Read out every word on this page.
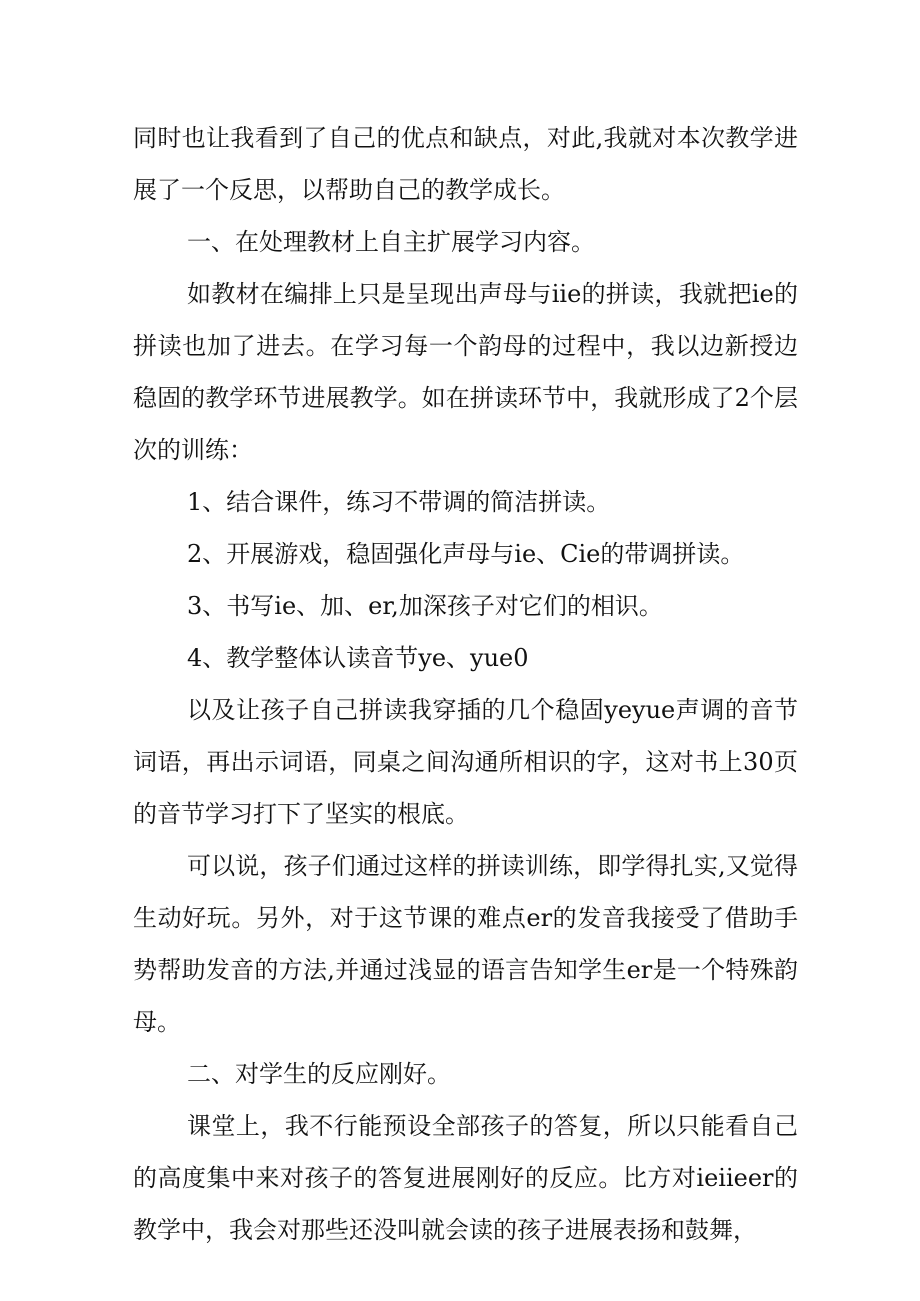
同时也让我看到了自己的优点和缺点，对此,我就对本次教学进展了一个反思，以帮助自己的教学成长。

一、在处理教材上自主扩展学习内容。

如教材在编排上只是呈现出声母与iie的拼读，我就把ie的拼读也加了进去。在学习每一个韵母的过程中，我以边新授边稳固的教学环节进展教学。如在拼读环节中，我就形成了2个层次的训练：

1、结合课件，练习不带调的简洁拼读。

2、开展游戏，稳固强化声母与ie、Cie的带调拼读。

3、书写ie、加、er,加深孩子对它们的相识。

4、教学整体认读音节ye、yue0

以及让孩子自己拼读我穿插的几个稳固yeyue声调的音节词语，再出示词语，同桌之间沟通所相识的字，这对书上30页的音节学习打下了坚实的根底。

可以说，孩子们通过这样的拼读训练，即学得扎实,又觉得生动好玩。另外，对于这节课的难点er的发音我接受了借助手势帮助发音的方法,并通过浅显的语言告知学生er是一个特殊韵母。

二、对学生的反应刚好。

课堂上，我不行能预设全部孩子的答复，所以只能看自己的高度集中来对孩子的答复进展刚好的反应。比方对ieiieer的教学中，我会对那些还没叫就会读的孩子进展表扬和鼓舞，
